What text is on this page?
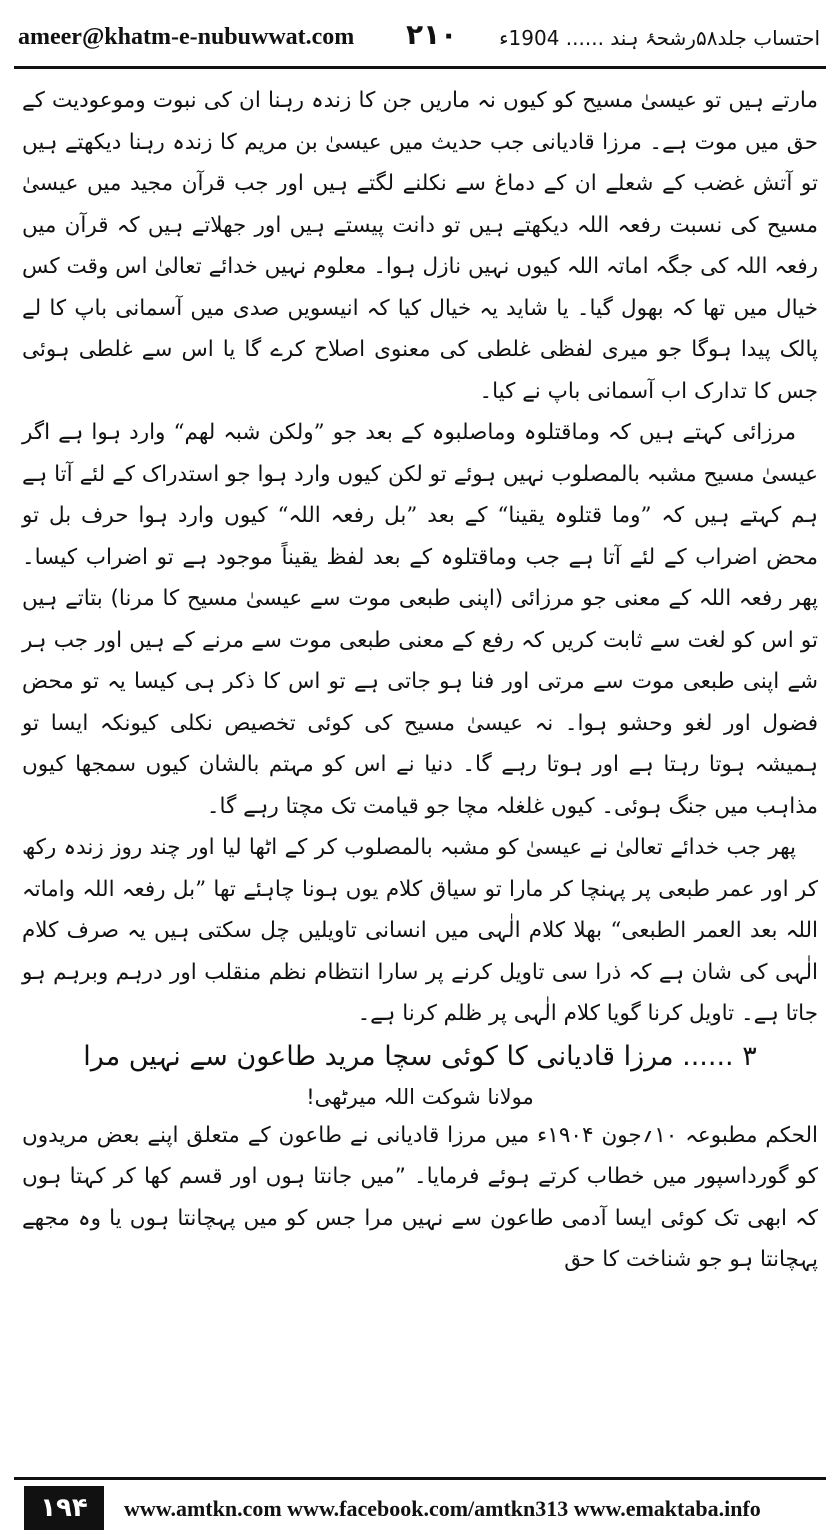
ameer@khatm-e-nubuwwat.com ۲۱۰ احتساب جلد۵۸رشحۂ ہند ...... 1904ء

مارتے ہیں تو عیسیٰ مسیح کو کیوں نہ ماریں جن کا زندہ رہنا ان کی نبوت وموعودیت کے حق میں موت ہے۔ مرزا قادیانی جب حدیث میں عیسیٰ بن مریم کا زندہ رہنا دیکھتے ہیں تو آتش غضب کے شعلے ان کے دماغ سے نکلنے لگتے ہیں اور جب قرآن مجید میں عیسیٰ مسیح کی نسبت رفعہ اللہ دیکھتے ہیں تو دانت پیستے ہیں اور جھلاتے ہیں کہ قرآن میں رفعہ اللہ کی جگہ اماتہ اللہ کیوں نہیں نازل ہوا۔ معلوم نہیں خدائے تعالیٰ اس وقت کس خیال میں تھا کہ بھول گیا۔ یا شاید یہ خیال کیا کہ انیسویں صدی میں آسمانی باپ کا لے پالک پیدا ہوگا جو میری لفظی غلطی کی معنوی اصلاح کرے گا یا اس سے غلطی ہوئی جس کا تدارک اب آسمانی باپ نے کیا۔

مرزائی کہتے ہیں کہ وماقتلوہ وماصلبوہ کے بعد جو ”ولکن شبہ لھم“ وارد ہوا ہے اگر عیسیٰ مسیح مشبہ بالمصلوب نہیں ہوئے تو لکن کیوں وارد ہوا جو استدراک کے لئے آتا ہے ہم کہتے ہیں کہ ”وما قتلوہ یقینا“ کے بعد ”بل رفعہ اللہ“ کیوں وارد ہوا حرف بل تو محض اضراب کے لئے آتا ہے جب وماقتلوہ کے بعد لفظ یقیناً موجود ہے تو اضراب کیسا۔ پھر رفعہ اللہ کے معنی جو مرزائی (اپنی طبعی موت سے عیسیٰ مسیح کا مرنا) بتاتے ہیں تو اس کو لغت سے ثابت کریں کہ رفع کے معنی طبعی موت سے مرنے کے ہیں اور جب ہر شے اپنی طبعی موت سے مرتی اور فنا ہو جاتی ہے تو اس کا ذکر ہی کیسا یہ تو محض فضول اور لغو وحشو ہوا۔ نہ عیسیٰ مسیح کی کوئی تخصیص نکلی کیونکہ ایسا تو ہمیشہ ہوتا رہتا ہے اور ہوتا رہے گا۔ دنیا نے اس کو مہتم بالشان کیوں سمجھا کیوں مذاہب میں جنگ ہوئی۔ کیوں غلغلہ مچا جو قیامت تک مچتا رہے گا۔

پھر جب خدائے تعالیٰ نے عیسیٰ کو مشبہ بالمصلوب کر کے اٹھا لیا اور چند روز زندہ رکھ کر اور عمر طبعی پر پہنچا کر مارا تو سیاق کلام یوں ہونا چاہئے تھا ”بل رفعہ اللہ واماتہ اللہ بعد العمر الطبعی“ بھلا کلام الٰہی میں انسانی تاویلیں چل سکتی ہیں یہ صرف کلام الٰہی کی شان ہے کہ ذرا سی تاویل کرنے پر سارا انتظام نظم منقلب اور درہم وبرہم ہو جاتا ہے۔ تاویل کرنا گویا کلام الٰہی پر ظلم کرنا ہے۔

۳ ...... مرزا قادیانی کا کوئی سچا مرید طاعون سے نہیں مرا

مولانا شوکت اللہ میرٹھی!

الحکم مطبوعہ ۱۰؍جون ۱۹۰۴ء میں مرزا قادیانی نے طاعون کے متعلق اپنے بعض مریدوں کو گورداسپور میں خطاب کرتے ہوئے فرمایا۔ ”میں جانتا ہوں اور قسم کھا کر کہتا ہوں کہ ابھی تک کوئی ایسا آدمی طاعون سے نہیں مرا جس کو میں پہچانتا ہوں یا وہ مجھے پہچانتا ہو جو شناخت کا حق

۱۹۴	www.amtkn.com www.facebook.com/amtkn313 www.emaktaba.info
